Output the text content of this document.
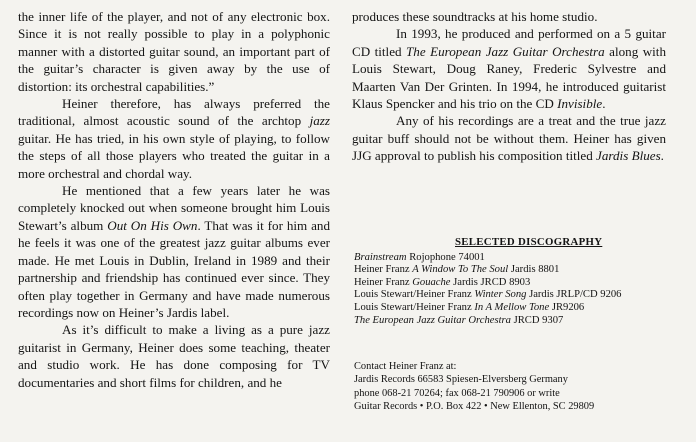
the inner life of the player, and not of any electronic box. Since it is not really possible to play in a polyphonic manner with a distorted guitar sound, an important part of the guitar’s character is given away by the use of distortion: its orchestral capabilities.”

Heiner therefore, has always preferred the traditional, almost acoustic sound of the archtop jazz guitar. He has tried, in his own style of playing, to follow the steps of all those players who treated the guitar in a more orchestral and chordal way.

He mentioned that a few years later he was completely knocked out when someone brought him Louis Stewart’s album Out On His Own. That was it for him and he feels it was one of the greatest jazz guitar albums ever made. He met Louis in Dublin, Ireland in 1989 and their partnership and friendship has continued ever since. They often play together in Germany and have made numerous recordings now on Heiner’s Jardis label.

As it’s difficult to make a living as a pure jazz guitarist in Germany, Heiner does some teaching, theater and studio work. He has done composing for TV documentaries and short films for children, and he

produces these soundtracks at his home studio.

In 1993, he produced and performed on a 5 guitar CD titled The European Jazz Guitar Orchestra along with Louis Stewart, Doug Raney, Frederic Sylvestre and Maarten Van Der Grinten. In 1994, he introduced guitarist Klaus Spencker and his trio on the CD Invisible.

Any of his recordings are a treat and the true jazz guitar buff should not be without them. Heiner has given JJG approval to publish his composition titled Jardis Blues.

SELECTED DISCOGRAPHY
Brainstream Rojophone 74001
Heiner Franz A Window To The Soul Jardis 8801
Heiner Franz Gouache Jardis JRCD 8903
Louis Stewart/Heiner Franz Winter Song Jardis JRLP/CD 9206
Louis Stewart/Heiner Franz In A Mellow Tone JR9206
The European Jazz Guitar Orchestra JRCD 9307
Contact Heiner Franz at:
Jardis Records 66583 Spiesen-Elversberg Germany
phone 068-21 70264; fax 068-21 790906 or write
Guitar Records • P.O. Box 422 • New Ellenton, SC 29809
